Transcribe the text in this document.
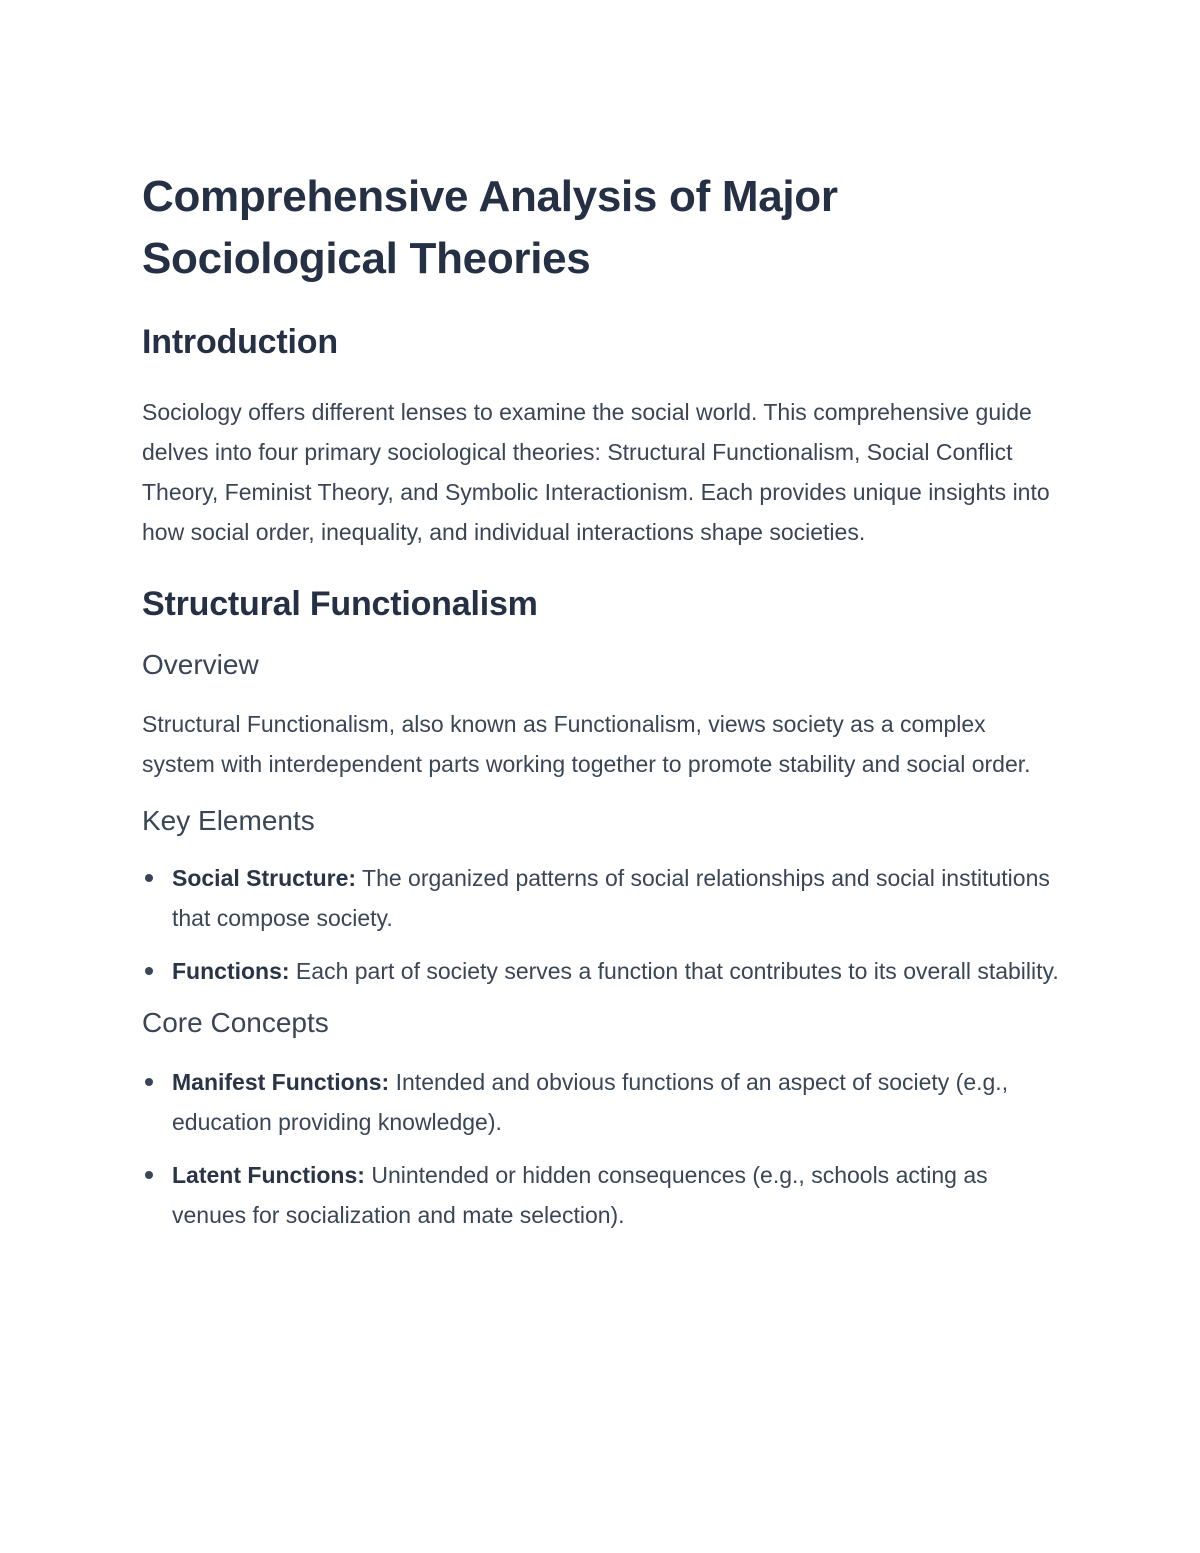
Comprehensive Analysis of Major Sociological Theories
Introduction

Sociology offers different lenses to examine the social world. This comprehensive guide delves into four primary sociological theories: Structural Functionalism, Social Conflict Theory, Feminist Theory, and Symbolic Interactionism. Each provides unique insights into how social order, inequality, and individual interactions shape societies.

Structural Functionalism
Overview

Structural Functionalism, also known as Functionalism, views society as a complex system with interdependent parts working together to promote stability and social order.

Key Elements
Social Structure: The organized patterns of social relationships and social institutions that compose society.
Functions: Each part of society serves a function that contributes to its overall stability.
Core Concepts
Manifest Functions: Intended and obvious functions of an aspect of society (e.g., education providing knowledge).
Latent Functions: Unintended or hidden consequences (e.g., schools acting as venues for socialization and mate selection).
